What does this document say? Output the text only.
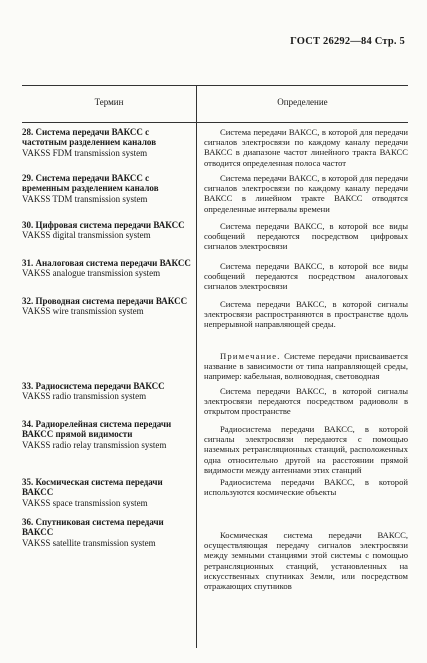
ГОСТ 26292—84 Стр. 5
Термин	Определение

28. Система передачи ВАКСС с частотным разделением каналов

VAKSS FDM transmission system

Система передачи ВАКСС, в которой для передачи сигналов электросвязи по каждому каналу передачи ВАКСС в диапазоне частот линейного тракта ВАКСС отводится определенная полоса частот

29. Система передачи ВАКСС с временным разделением каналов

VAKSS TDM transmission system

Система передачи ВАКСС, в которой для передачи сигналов электросвязи по каждому каналу передачи ВАКСС в линейном тракте ВАКСС отводятся определенные интервалы времени

30. Цифровая система передачи ВАКСС

VAKSS digital transmission system

Система передачи ВАКСС, в которой все виды сообщений передаются посредством цифровых сигналов электросвязи

31. Аналоговая система передачи ВАКСС

VAKSS analogue transmission system

Система передачи ВАКСС, в которой все виды сообщений передаются посредством аналоговых сигналов электросвязи

32. Проводная система передачи ВАКСС

VAKSS wire transmission system

Система передачи ВАКСС, в которой сигналы электросвязи распространяются в пространстве вдоль непрерывной направляющей среды.
Примечание. Системе передачи присваивается название в зависимости от типа направляющей среды, например: кабельная, волноводная, световодная

33. Радиосистема передачи ВАКСС

VAKSS radio transmission system

Система передачи ВАКСС, в которой сигналы электросвязи передаются посредством радиоволн в открытом пространстве

34. Радиорелейная система передачи ВАКСС прямой видимости

VAKSS radio relay transmission system

Радиосистема передачи ВАКСС, в которой сигналы электросвязи передаются с помощью наземных ретрансляционных станций, расположенных одна относительно другой на расстоянии прямой видимости между антеннами этих станций

35. Космическая система передачи ВАКСС

VAKSS space transmission system

Радиосистема передачи ВАКСС, в которой используются космические объекты

36. Спутниковая система передачи ВАКСС

VAKSS satellite transmission system

Космическая система передачи ВАКСС, осуществляющая передачу сигналов электросвязи между земными станциями этой системы с помощью ретрансляционных станций, установленных на искусственных спутниках Земли, или посредством отражающих спутников
